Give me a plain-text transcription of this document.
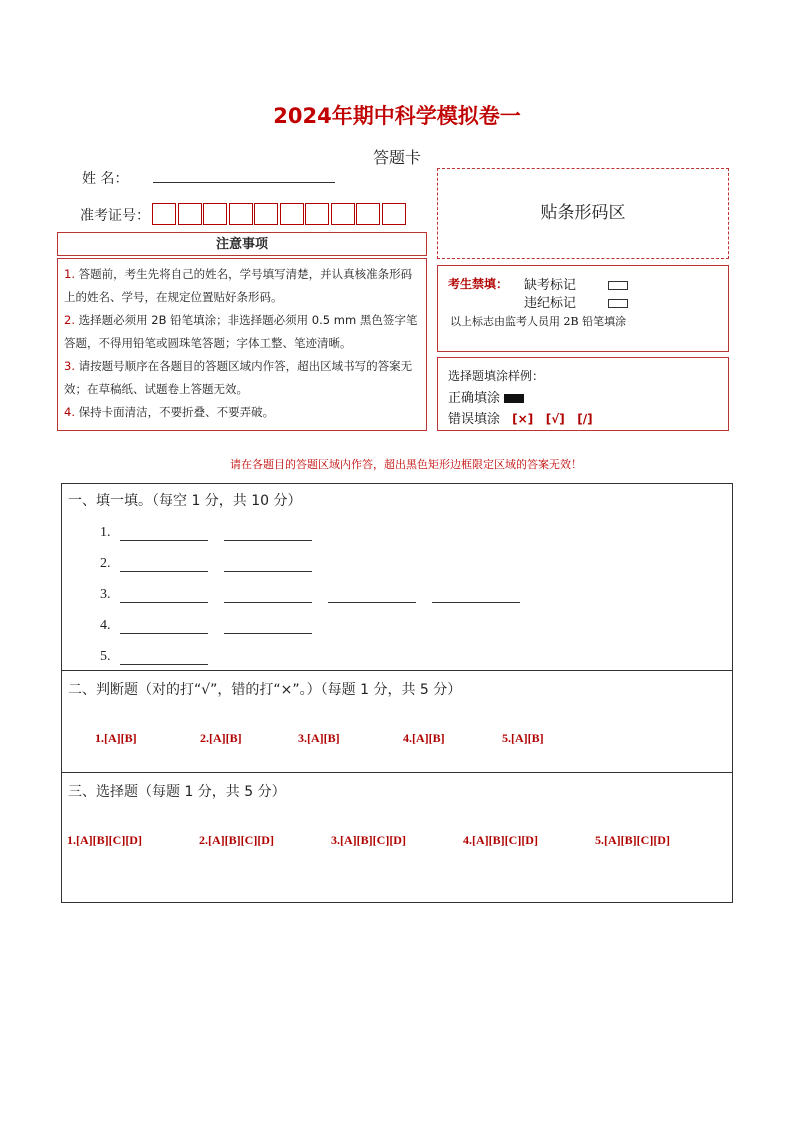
2024年期中科学模拟卷一
答题卡
姓 名：
准考证号：
注意事项
1. 答题前，考生先将自己的姓名，学号填写清楚，并认真核准条形码上的姓名、学号，在规定位置贴好条形码。
2. 选择题必须用 2B 铅笔填涂；非选择题必须用 0.5 mm 黑色签字笔答题，不得用铅笔或圆珠笔答题；字体工整、笔迹清晰。
3. 请按题号顺序在各题目的答题区域内作答，超出区域书写的答案无效；在草稿纸、试题卷上答题无效。
4. 保持卡面清洁，不要折叠、不要弄破。
贴条形码区
考生禁填： 缺考标记
违纪标记
以上标志由监考人员用 2B 铅笔填涂
选择题填涂样例：
正确填涂
错误填涂 [×]   [√]   [/]
请在各题目的答题区域内作答，超出黑色矩形边框限定区域的答案无效！
一、填一填。（每空 1 分，共 10 分）
1.
2.
3.
4.
5.
二、判断题（对的打“√”，错的打“×”。）（每题 1 分，共 5 分）
1.[A][B]	2.[A][B]	3.[A][B]	4.[A][B]	5.[A][B]
三、选择题（每题 1 分，共 5 分）
1.[A][B][C][D]	2.[A][B][C][D]	3.[A][B][C][D]	4.[A][B][C][D]	5.[A][B][C][D]
